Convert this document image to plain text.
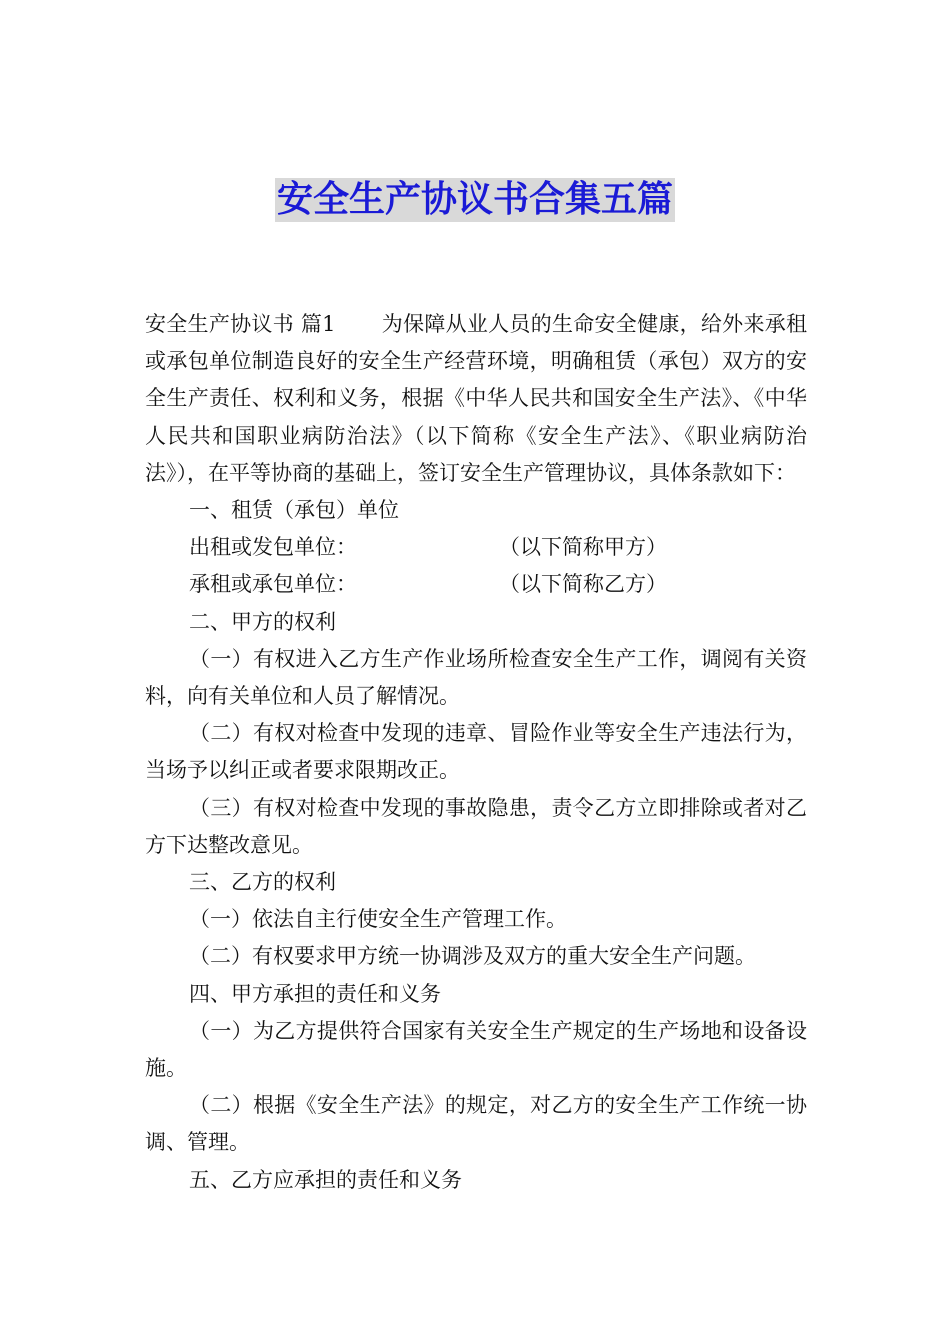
安全生产协议书合集五篇

安全生产协议书 篇1 为保障从业人员的生命安全健康，给外来承租或承包单位制造良好的安全生产经营环境，明确租赁（承包）双方的安全生产责任、权利和义务，根据《中华人民共和国安全生产法》、《中华人民共和国职业病防治法》（以下简称《安全生产法》、《职业病防治法》），在平等协商的基础上，签订安全生产管理协议，具体条款如下：

一、租赁（承包）单位

出租或发包单位：	（以下简称甲方）
承租或承包单位：	（以下简称乙方）

二、甲方的权利

（一）有权进入乙方生产作业场所检查安全生产工作，调阅有关资料，向有关单位和人员了解情况。

（二）有权对检查中发现的违章、冒险作业等安全生产违法行为，当场予以纠正或者要求限期改正。

（三）有权对检查中发现的事故隐患，责令乙方立即排除或者对乙方下达整改意见。

三、乙方的权利

（一）依法自主行使安全生产管理工作。

（二）有权要求甲方统一协调涉及双方的重大安全生产问题。

四、甲方承担的责任和义务

（一）为乙方提供符合国家有关安全生产规定的生产场地和设备设施。

（二）根据《安全生产法》的规定，对乙方的安全生产工作统一协调、管理。

五、乙方应承担的责任和义务
